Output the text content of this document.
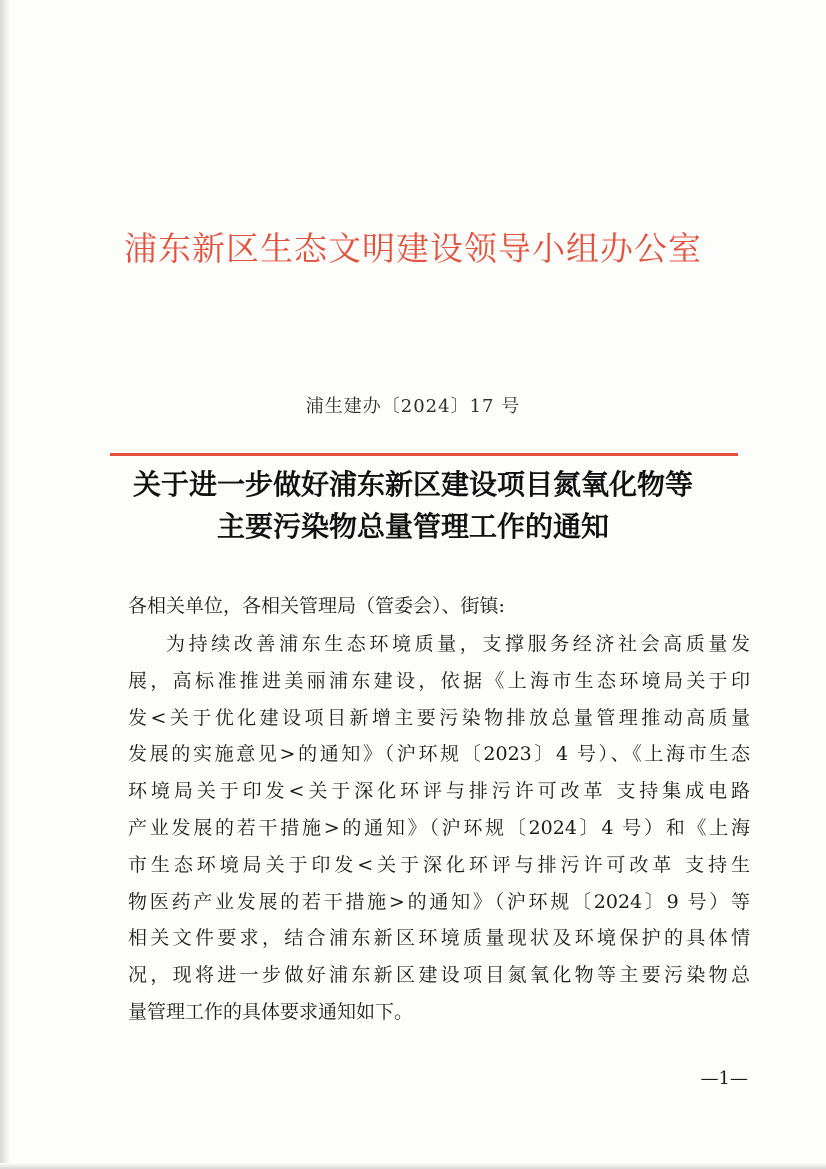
浦东新区生态文明建设领导小组办公室
浦生建办〔2024〕17 号
关于进一步做好浦东新区建设项目氮氧化物等
主要污染物总量管理工作的通知
各相关单位，各相关管理局（管委会）、街镇:
为持续改善浦东生态环境质量，支撑服务经济社会高质量发
展，高标准推进美丽浦东建设，依据《上海市生态环境局关于印
发<关于优化建设项目新增主要污染物排放总量管理推动高质量
发展的实施意见>的通知》（沪环规〔2023〕4 号）、《上海市生态
环境局关于印发<关于深化环评与排污许可改革 支持集成电路
产业发展的若干措施>的通知》（沪环规〔2024〕4 号）和《上海
市生态环境局关于印发<关于深化环评与排污许可改革 支持生
物医药产业发展的若干措施>的通知》（沪环规〔2024〕9 号）等
相关文件要求，结合浦东新区环境质量现状及环境保护的具体情
况，现将进一步做好浦东新区建设项目氮氧化物等主要污染物总
量管理工作的具体要求通知如下。
—1—
